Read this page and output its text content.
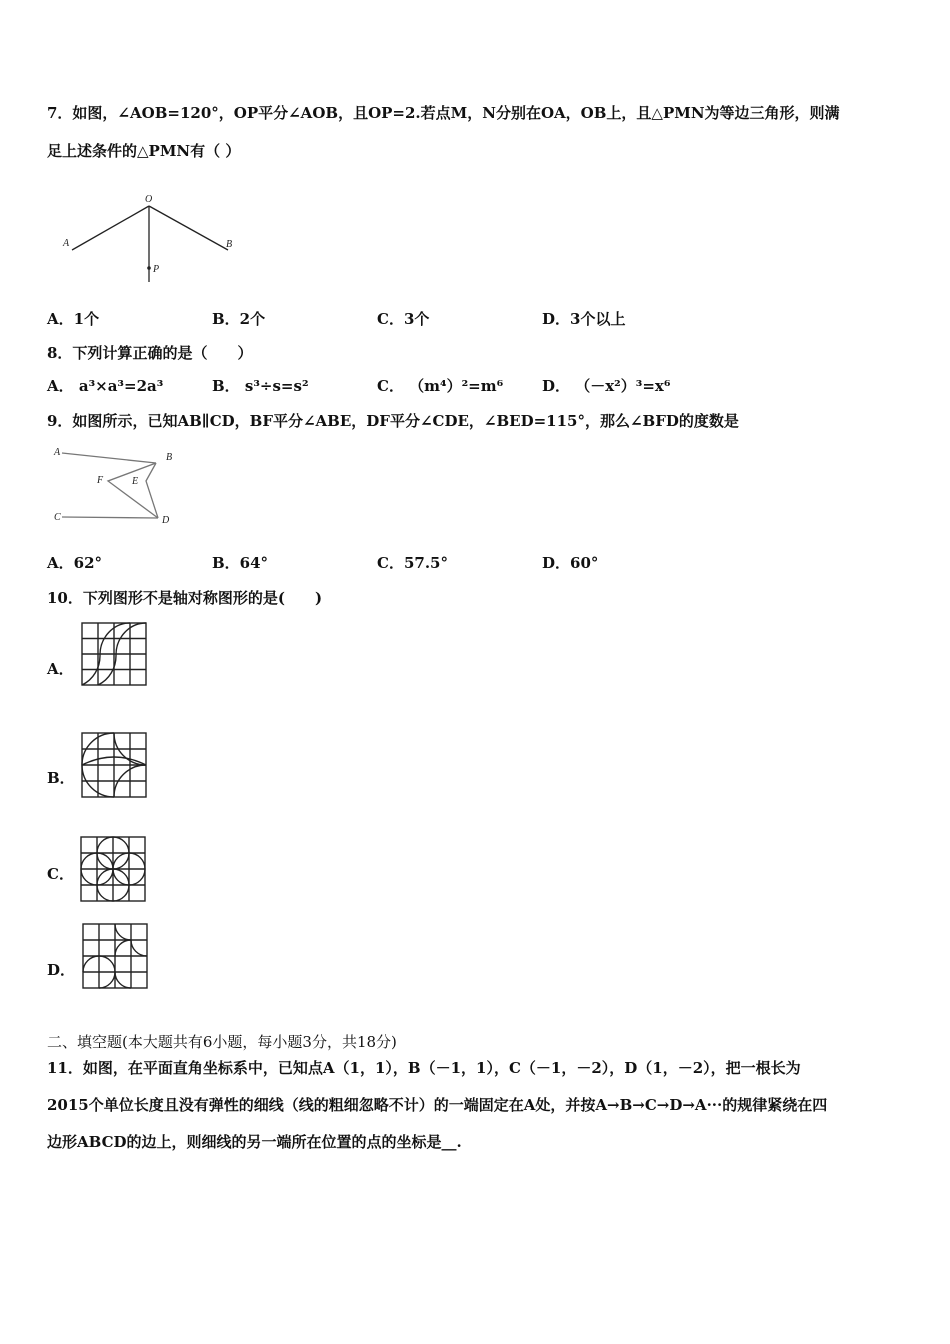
7．如图，∠AOB=120°，OP平分∠AOB，且OP=2.若点M，N分别在OA，OB上，且△PMN为等边三角形，则满
足上述条件的△PMN有（ ）
O
A	B
P
A．1个	B．2个	C．3个	D．3个以上
8．下列计算正确的是（　　）
A． a³×a³=2a³	B． s³÷s=s²	C． （m⁴）²=m⁶	D． （－x²）³=x⁶
9．如图所示，已知AB∥CD，BF平分∠ABE，DF平分∠CDE，∠BED=115°，那么∠BFD的度数是
A	B
C	D
E
F
A．62°	B．64°	C．57.5°	D．60°
10．下列图形不是轴对称图形的是(　　)
A．
B．
C．
D．
二、填空题(本大题共有6小题，每小题3分，共18分)
11．如图，在平面直角坐标系中，已知点A（1，1），B（－1，1），C（－1，－2），D（1，－2），把一根长为
2015个单位长度且没有弹性的细线（线的粗细忽略不计）的一端固定在A处，并按A→B→C→D→A···的规律紧绕在四
边形ABCD的边上，则细线的另一端所在位置的点的坐标是__.
